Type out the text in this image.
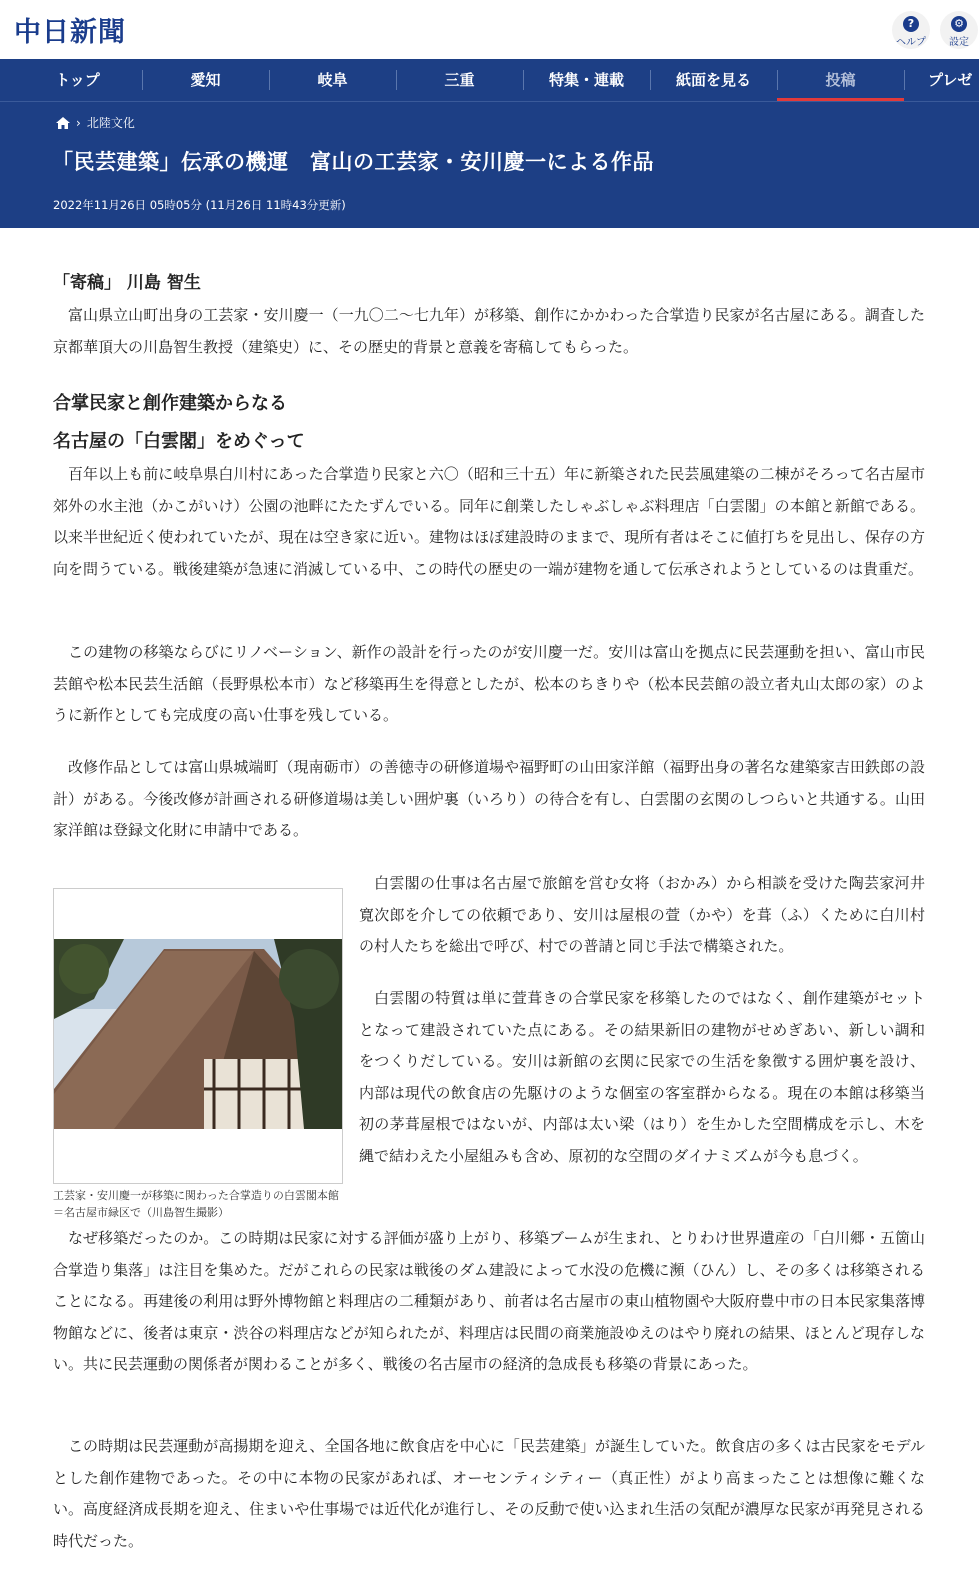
中日新聞	?
ヘルプ
⚙
設定
トップ	愛知	岐阜	三重	特集・連載	紙面を見る	投稿	プレゼ
› 北陸文化
「民芸建築」伝承の機運　富山の工芸家・安川慶一による作品
2022年11月26日 05時05分 (11月26日 11時43分更新)
「寄稿」 川島 智生
富山県立山町出身の工芸家・安川慶一（一九〇二～七九年）が移築、創作にかかわった合掌造り民家が名古屋にある。調査した京都華頂大の川島智生教授（建築史）に、その歴史的背景と意義を寄稿してもらった。
合掌民家と創作建築からなる
名古屋の「白雲閣」をめぐって
百年以上も前に岐阜県白川村にあった合掌造り民家と六〇（昭和三十五）年に新築された民芸風建築の二棟がそろって名古屋市郊外の水主池（かこがいけ）公園の池畔にたたずんでいる。同年に創業したしゃぶしゃぶ料理店「白雲閣」の本館と新館である。以来半世紀近く使われていたが、現在は空き家に近い。建物はほぼ建設時のままで、現所有者はそこに値打ちを見出し、保存の方向を問うている。戦後建築が急速に消滅している中、この時代の歴史の一端が建物を通して伝承されようとしているのは貴重だ。
この建物の移築ならびにリノベーション、新作の設計を行ったのが安川慶一だ。安川は富山を拠点に民芸運動を担い、富山市民芸館や松本民芸生活館（長野県松本市）など移築再生を得意としたが、松本のちきりや（松本民芸館の設立者丸山太郎の家）のように新作としても完成度の高い仕事を残している。
改修作品としては富山県城端町（現南砺市）の善徳寺の研修道場や福野町の山田家洋館（福野出身の著名な建築家吉田鉄郎の設計）がある。今後改修が計画される研修道場は美しい囲炉裏（いろり）の待合を有し、白雲閣の玄関のしつらいと共通する。山田家洋館は登録文化財に申請中である。
工芸家・安川慶一が移築に関わった合掌造りの白雲閣本館＝名古屋市緑区で（川島智生撮影）
白雲閣の仕事は名古屋で旅館を営む女将（おかみ）から相談を受けた陶芸家河井寛次郎を介しての依頼であり、安川は屋根の萱（かや）を葺（ふ）くために白川村の村人たちを総出で呼び、村での普請と同じ手法で構築された。
白雲閣の特質は単に萱葺きの合掌民家を移築したのではなく、創作建築がセットとなって建設されていた点にある。その結果新旧の建物がせめぎあい、新しい調和をつくりだしている。安川は新館の玄関に民家での生活を象徴する囲炉裏を設け、内部は現代の飲食店の先駆けのような個室の客室群からなる。現在の本館は移築当初の茅葺屋根ではないが、内部は太い梁（はり）を生かした空間構成を示し、木を縄で結わえた小屋組みも含め、原初的な空間のダイナミズムが今も息づく。
なぜ移築だったのか。この時期は民家に対する評価が盛り上がり、移築ブームが生まれ、とりわけ世界遺産の「白川郷・五箇山合掌造り集落」は注目を集めた。だがこれらの民家は戦後のダム建設によって水没の危機に瀕（ひん）し、その多くは移築されることになる。再建後の利用は野外博物館と料理店の二種類があり、前者は名古屋市の東山植物園や大阪府豊中市の日本民家集落博物館などに、後者は東京・渋谷の料理店などが知られたが、料理店は民間の商業施設ゆえのはやり廃れの結果、ほとんど現存しない。共に民芸運動の関係者が関わることが多く、戦後の名古屋市の経済的急成長も移築の背景にあった。
この時期は民芸運動が高揚期を迎え、全国各地に飲食店を中心に「民芸建築」が誕生していた。飲食店の多くは古民家をモデルとした創作建物であった。その中に本物の民家があれば、オーセンティシティー（真正性）がより高まったことは想像に難くない。高度経済成長期を迎え、住まいや仕事場では近代化が進行し、その反動で使い込まれ生活の気配が濃厚な民家が再発見される時代だった。
